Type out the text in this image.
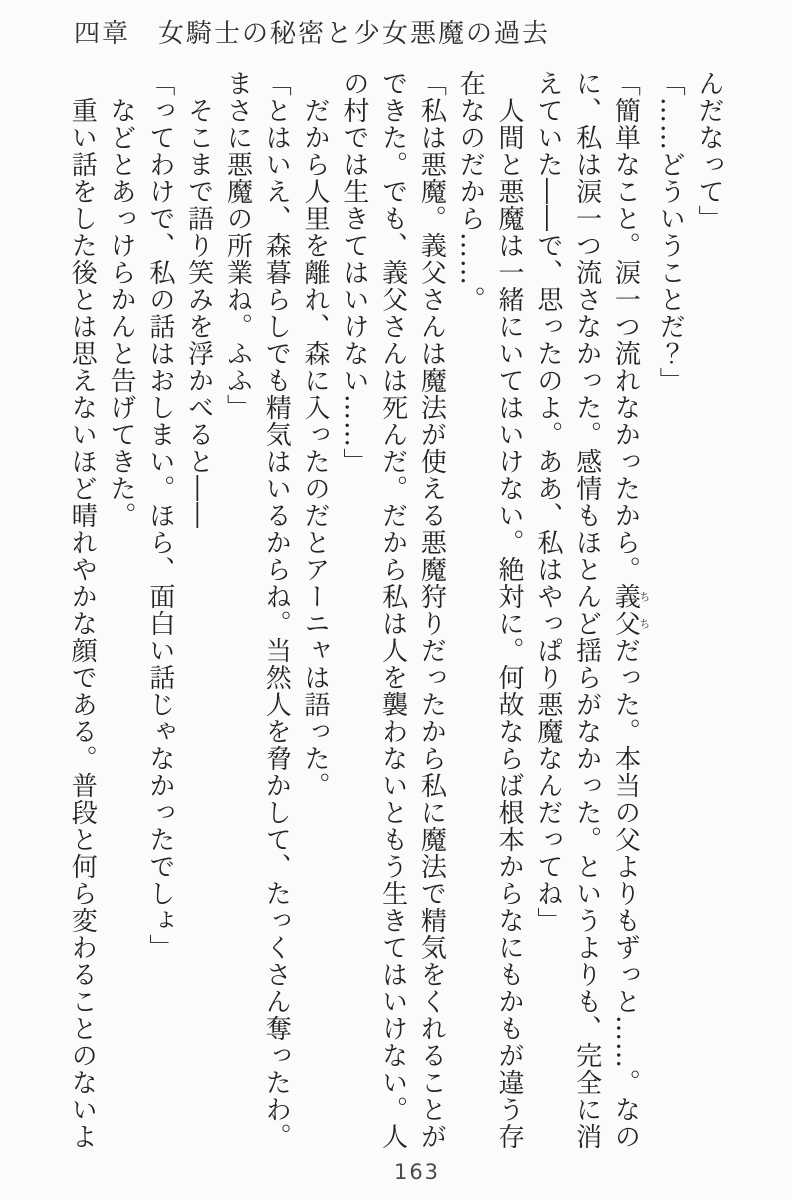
四章　女騎士の秘密と少女悪魔の過去
んだなって」
「……どういうことだ？」
「簡単なこと。涙一つ流れなかったから。義父ちちだった。本当の父よりもずっと……。なの
に、私は涙一つ流さなかった。感情もほとんど揺らがなかった。というよりも、完全に消
えていた――で、思ったのよ。ああ、私はやっぱり悪魔なんだってね」
人間と悪魔は一緒にいてはいけない。絶対に。何故ならば根本からなにもかもが違う存
在なのだから……。
「私は悪魔。義父さんは魔法が使える悪魔狩りだったから私に魔法で精気をくれることが
できた。でも、義父さんは死んだ。だから私は人を襲わないともう生きてはいけない。人
の村では生きてはいけない……」
だから人里を離れ、森に入ったのだとアーニャは語った。
「とはいえ、森暮らしでも精気はいるからね。当然人を脅かして、たっくさん奪ったわ。
まさに悪魔の所業ね。ふふ」
そこまで語り笑みを浮かべると――
「ってわけで、私の話はおしまい。ほら、面白い話じゃなかったでしょ」
などとあっけらかんと告げてきた。
重い話をした後とは思えないほど晴れやかな顔である。普段と何ら変わることのないよ
163
